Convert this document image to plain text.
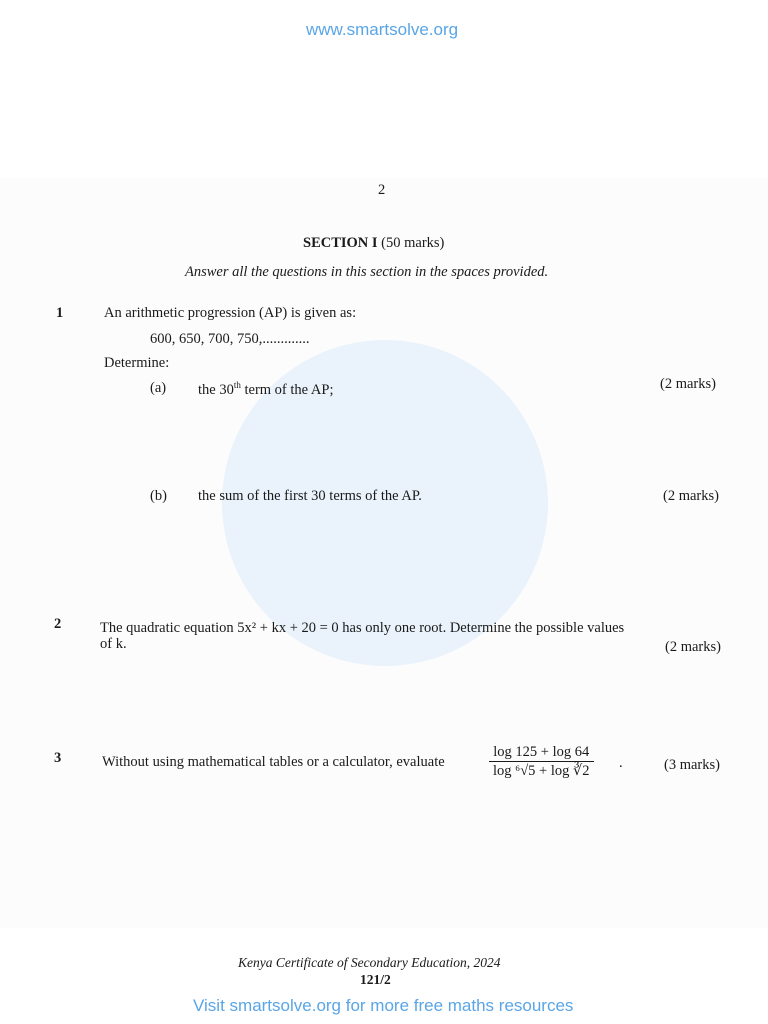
www.smartsolve.org
2
SECTION I (50 marks)
Answer all the questions in this section in the spaces provided.
1	An arithmetic progression (AP) is given as:
600, 650, 700, 750,.............
Determine:
(a) the 30th term of the AP;	(2 marks)
(b) the sum of the first 30 terms of the AP.	(2 marks)
2	The quadratic equation 5x² + kx + 20 = 0 has only one root. Determine the possible values
of k.	(2 marks)
3	Without using mathematical tables or a calculator, evaluate	$\frac{\log 125 + \log 64}{\text{log ⁶√5 + log ∛2}}$ .	(3 marks)
Kenya Certificate of Secondary Education, 2024
121/2
Visit smartsolve.org for more free maths resources
